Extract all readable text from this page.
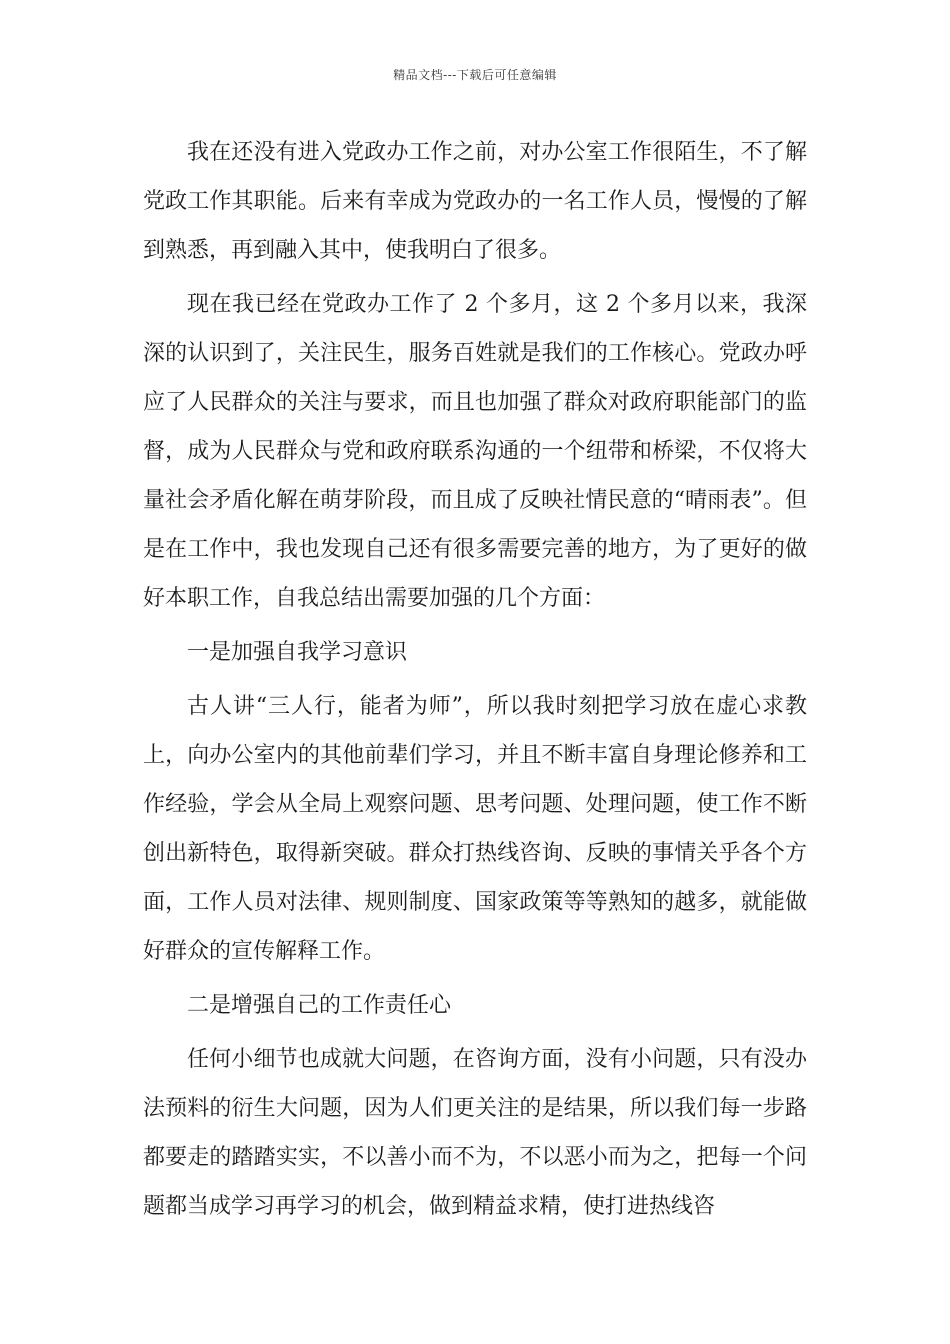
精品文档---下载后可任意编辑

我在还没有进入党政办工作之前，对办公室工作很陌生，不了解党政工作其职能。后来有幸成为党政办的一名工作人员，慢慢的了解到熟悉，再到融入其中，使我明白了很多。

现在我已经在党政办工作了 2 个多月，这 2 个多月以来，我深深的认识到了，关注民生，服务百姓就是我们的工作核心。党政办呼应了人民群众的关注与要求，而且也加强了群众对政府职能部门的监督，成为人民群众与党和政府联系沟通的一个纽带和桥梁，不仅将大量社会矛盾化解在萌芽阶段，而且成了反映社情民意的“晴雨表”。但是在工作中，我也发现自己还有很多需要完善的地方，为了更好的做好本职工作，自我总结出需要加强的几个方面：

一是加强自我学习意识

古人讲“三人行，能者为师”，所以我时刻把学习放在虚心求教上，向办公室内的其他前辈们学习，并且不断丰富自身理论修养和工作经验，学会从全局上观察问题、思考问题、处理问题，使工作不断创出新特色，取得新突破。群众打热线咨询、反映的事情关乎各个方面，工作人员对法律、规则制度、国家政策等等熟知的越多，就能做好群众的宣传解释工作。

二是增强自己的工作责任心

任何小细节也成就大问题，在咨询方面，没有小问题，只有没办法预料的衍生大问题，因为人们更关注的是结果，所以我们每一步路都要走的踏踏实实，不以善小而不为，不以恶小而为之，把每一个问题都当成学习再学习的机会，做到精益求精，使打进热线咨
